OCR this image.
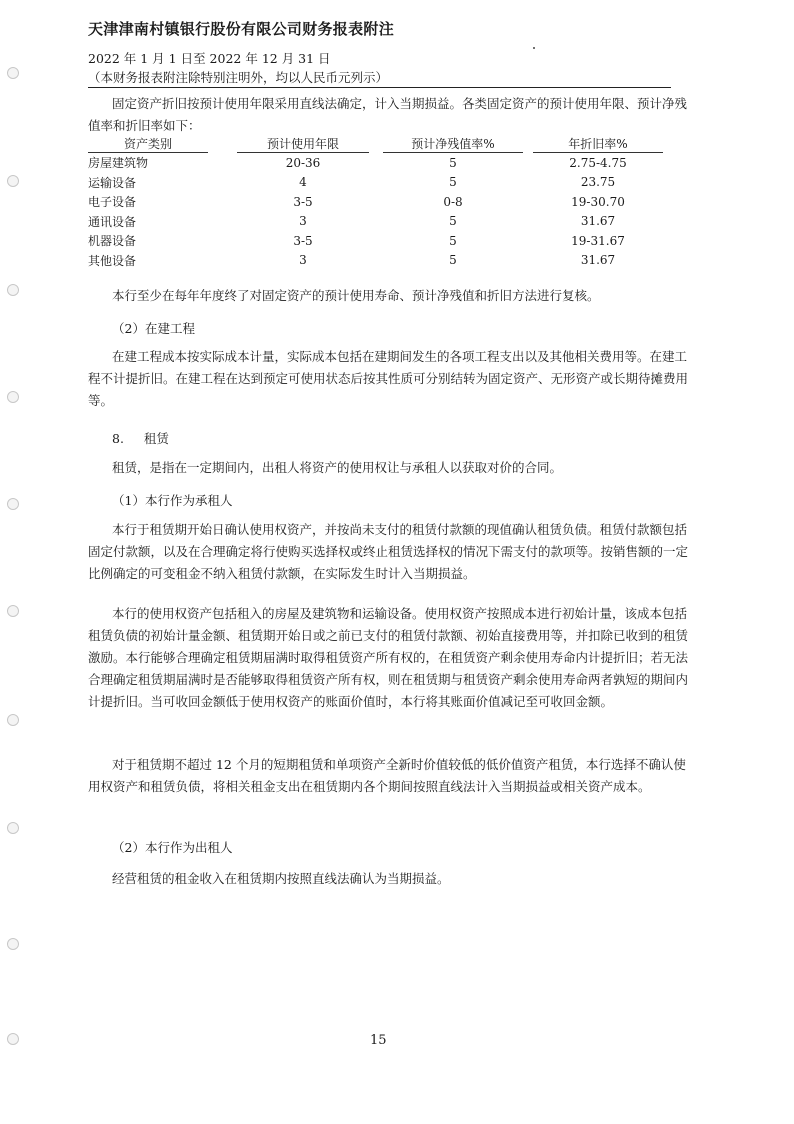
天津津南村镇银行股份有限公司财务报表附注
2022 年 1 月 1 日至 2022 年 12 月 31 日
（本财务报表附注除特别注明外，均以人民币元列示）
固定资产折旧按预计使用年限采用直线法确定，计入当期损益。各类固定资产的预计使用年限、预计净残值率和折旧率如下：
资产类别	预计使用年限	预计净残值率%	年折旧率%
房屋建筑物	20-36	5	2.75-4.75
运输设备	4	5	23.75
电子设备	3-5	0-8	19-30.70
通讯设备	3	5	31.67
机器设备	3-5	5	19-31.67
其他设备	3	5	31.67
本行至少在每年年度终了对固定资产的预计使用寿命、预计净残值和折旧方法进行复核。
（2）在建工程
在建工程成本按实际成本计量，实际成本包括在建期间发生的各项工程支出以及其他相关费用等。在建工程不计提折旧。在建工程在达到预定可使用状态后按其性质可分别结转为固定资产、无形资产或长期待摊费用等。
8. 租赁
租赁，是指在一定期间内，出租人将资产的使用权让与承租人以获取对价的合同。
（1）本行作为承租人
本行于租赁期开始日确认使用权资产，并按尚未支付的租赁付款额的现值确认租赁负债。租赁付款额包括固定付款额，以及在合理确定将行使购买选择权或终止租赁选择权的情况下需支付的款项等。按销售额的一定比例确定的可变租金不纳入租赁付款额，在实际发生时计入当期损益。
本行的使用权资产包括租入的房屋及建筑物和运输设备。使用权资产按照成本进行初始计量，该成本包括租赁负债的初始计量金额、租赁期开始日或之前已支付的租赁付款额、初始直接费用等，并扣除已收到的租赁激励。本行能够合理确定租赁期届满时取得租赁资产所有权的，在租赁资产剩余使用寿命内计提折旧；若无法合理确定租赁期届满时是否能够取得租赁资产所有权，则在租赁期与租赁资产剩余使用寿命两者孰短的期间内计提折旧。当可收回金额低于使用权资产的账面价值时，本行将其账面价值减记至可收回金额。
对于租赁期不超过 12 个月的短期租赁和单项资产全新时价值较低的低价值资产租赁，本行选择不确认使用权资产和租赁负债，将相关租金支出在租赁期内各个期间按照直线法计入当期损益或相关资产成本。
（2）本行作为出租人
经营租赁的租金收入在租赁期内按照直线法确认为当期损益。
15
